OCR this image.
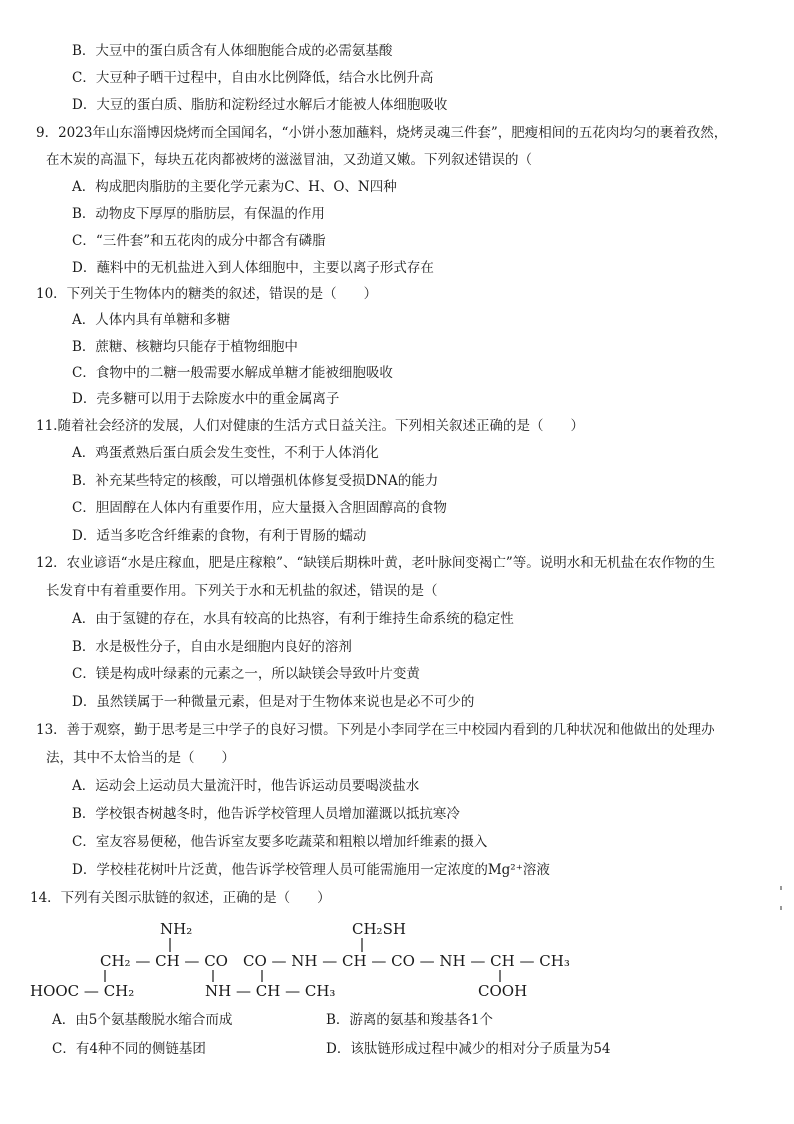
B．大豆中的蛋白质含有人体细胞能合成的必需氨基酸
C．大豆种子晒干过程中，自由水比例降低，结合水比例升高
D．大豆的蛋白质、脂肪和淀粉经过水解后才能被人体细胞吸收
9．2023年山东淄博因烧烤而全国闻名，“小饼小葱加蘸料，烧烤灵魂三件套”，肥瘦相间的五花肉均匀的裹着孜然，
在木炭的高温下，每块五花肉都被烤的滋滋冒油，又劲道又嫩。下列叙述错误的（
A．构成肥肉脂肪的主要化学元素为C、H、O、N四种
B．动物皮下厚厚的脂肪层，有保温的作用
C．“三件套”和五花肉的成分中都含有磷脂
D．蘸料中的无机盐进入到人体细胞中，主要以离子形式存在
10．下列关于生物体内的糖类的叙述，错误的是（　　）
A．人体内具有单糖和多糖
B．蔗糖、核糖均只能存于植物细胞中
C．食物中的二糖一般需要水解成单糖才能被细胞吸收
D．壳多糖可以用于去除废水中的重金属离子
11.随着社会经济的发展，人们对健康的生活方式日益关注。下列相关叙述正确的是（　　）
A．鸡蛋煮熟后蛋白质会发生变性，不利于人体消化
B．补充某些特定的核酸，可以增强机体修复受损DNA的能力
C．胆固醇在人体内有重要作用，应大量摄入含胆固醇高的食物
D．适当多吃含纤维素的食物，有利于胃肠的蠕动
12．农业谚语“水是庄稼血，肥是庄稼粮”、“缺镁后期株叶黄，老叶脉间变褐亡”等。说明水和无机盐在农作物的生
长发育中有着重要作用。下列关于水和无机盐的叙述，错误的是（
A．由于氢键的存在，水具有较高的比热容，有利于维持生命系统的稳定性
B．水是极性分子，自由水是细胞内良好的溶剂
C．镁是构成叶绿素的元素之一，所以缺镁会导致叶片变黄
D．虽然镁属于一种微量元素，但是对于生物体来说也是必不可少的
13．善于观察，勤于思考是三中学子的良好习惯。下列是小李同学在三中校园内看到的几种状况和他做出的处理办
法，其中不太恰当的是（　　）
A．运动会上运动员大量流汗时，他告诉运动员要喝淡盐水
B．学校银杏树越冬时，他告诉学校管理人员增加灌溉以抵抗寒冷
C．室友容易便秘，他告诉室友要多吃蔬菜和粗粮以增加纤维素的摄入
D．学校桂花树叶片泛黄，他告诉学校管理人员可能需施用一定浓度的Mg²⁺溶液
14．下列有关图示肽链的叙述，正确的是（　　）
NH₂	CH₂SH
CH₂ — CH — CO　CO — NH — CH — CO — NH — CH — CH₃
HOOC — CH₂	NH — CH — CH₃	COOH
A．由5个氨基酸脱水缩合而成	B．游离的氨基和羧基各1个
C．有4种不同的侧链基团	D．该肽链形成过程中减少的相对分子质量为54
